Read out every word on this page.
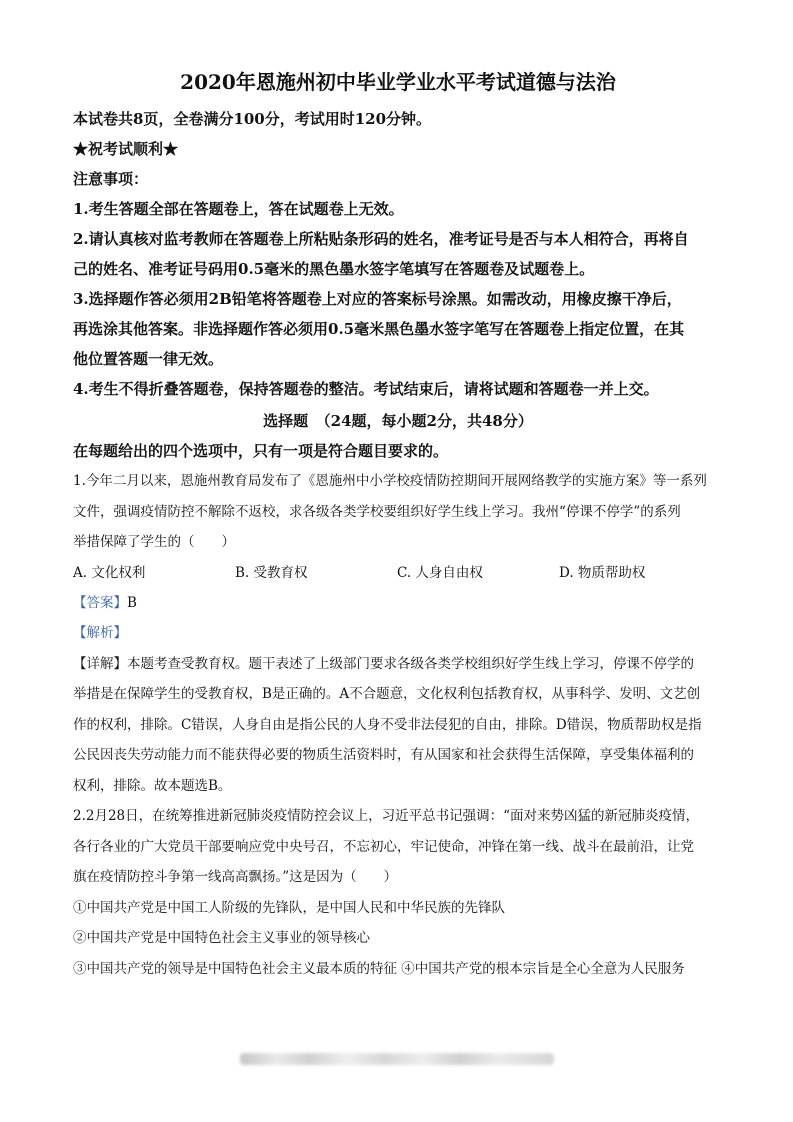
2020年恩施州初中毕业学业水平考试道德与法治

本试卷共8页，全卷满分100分，考试用时120分钟。

★祝考试顺利★

注意事项：

1.考生答题全部在答题卷上，答在试题卷上无效。

2.请认真核对监考教师在答题卷上所粘贴条形码的姓名，准考证号是否与本人相符合，再将自

己的姓名、准考证号码用0.5毫米的黑色墨水签字笔填写在答题卷及试题卷上。

3.选择题作答必须用2B铅笔将答题卷上对应的答案标号涂黑。如需改动，用橡皮擦干净后，

再选涂其他答案。非选择题作答必须用0.5毫米黑色墨水签字笔写在答题卷上指定位置，在其

他位置答题一律无效。

4.考生不得折叠答题卷，保持答题卷的整洁。考试结束后，请将试题和答题卷一并上交。

选择题　（24题，每小题2分，共48分）

在每题给出的四个选项中，只有一项是符合题目要求的。

1.今年二月以来，恩施州教育局发布了《恩施州中小学校疫情防控期间开展网络教学的实施方案》等一系列

文件，强调疫情防控不解除不返校，求各级各类学校要组织好学生线上学习。我州“停课不停学”的系列

举措保障了学生的（　　）

A. 文化权利	B. 受教育权	C. 人身自由权	D. 物质帮助权

【答案】B

【解析】

【详解】本题考查受教育权。题干表述了上级部门要求各级各类学校组织好学生线上学习，停课不停学的

举措是在保障学生的受教育权，B是正确的。A不合题意，文化权利包括教育权，从事科学、发明、文艺创

作的权利，排除。C错误，人身自由是指公民的人身不受非法侵犯的自由，排除。D错误，物质帮助权是指

公民因丧失劳动能力而不能获得必要的物质生活资料时，有从国家和社会获得生活保障，享受集体福利的

权利，排除。故本题选B。

2.2月28日，在统筹推进新冠肺炎疫情防控会议上，习近平总书记强调：“面对来势凶猛的新冠肺炎疫情，

各行各业的广大党员干部要响应党中央号召，不忘初心，牢记使命，冲锋在第一线、战斗在最前沿，让党

旗在疫情防控斗争第一线高高飘扬。”这是因为（　　）

①中国共产党是中国工人阶级的先锋队，是中国人民和中华民族的先锋队

②中国共产党是中国特色社会主义事业的领导核心

③中国共产党的领导是中国特色社会主义最本质的特征 ④中国共产党的根本宗旨是全心全意为人民服务
